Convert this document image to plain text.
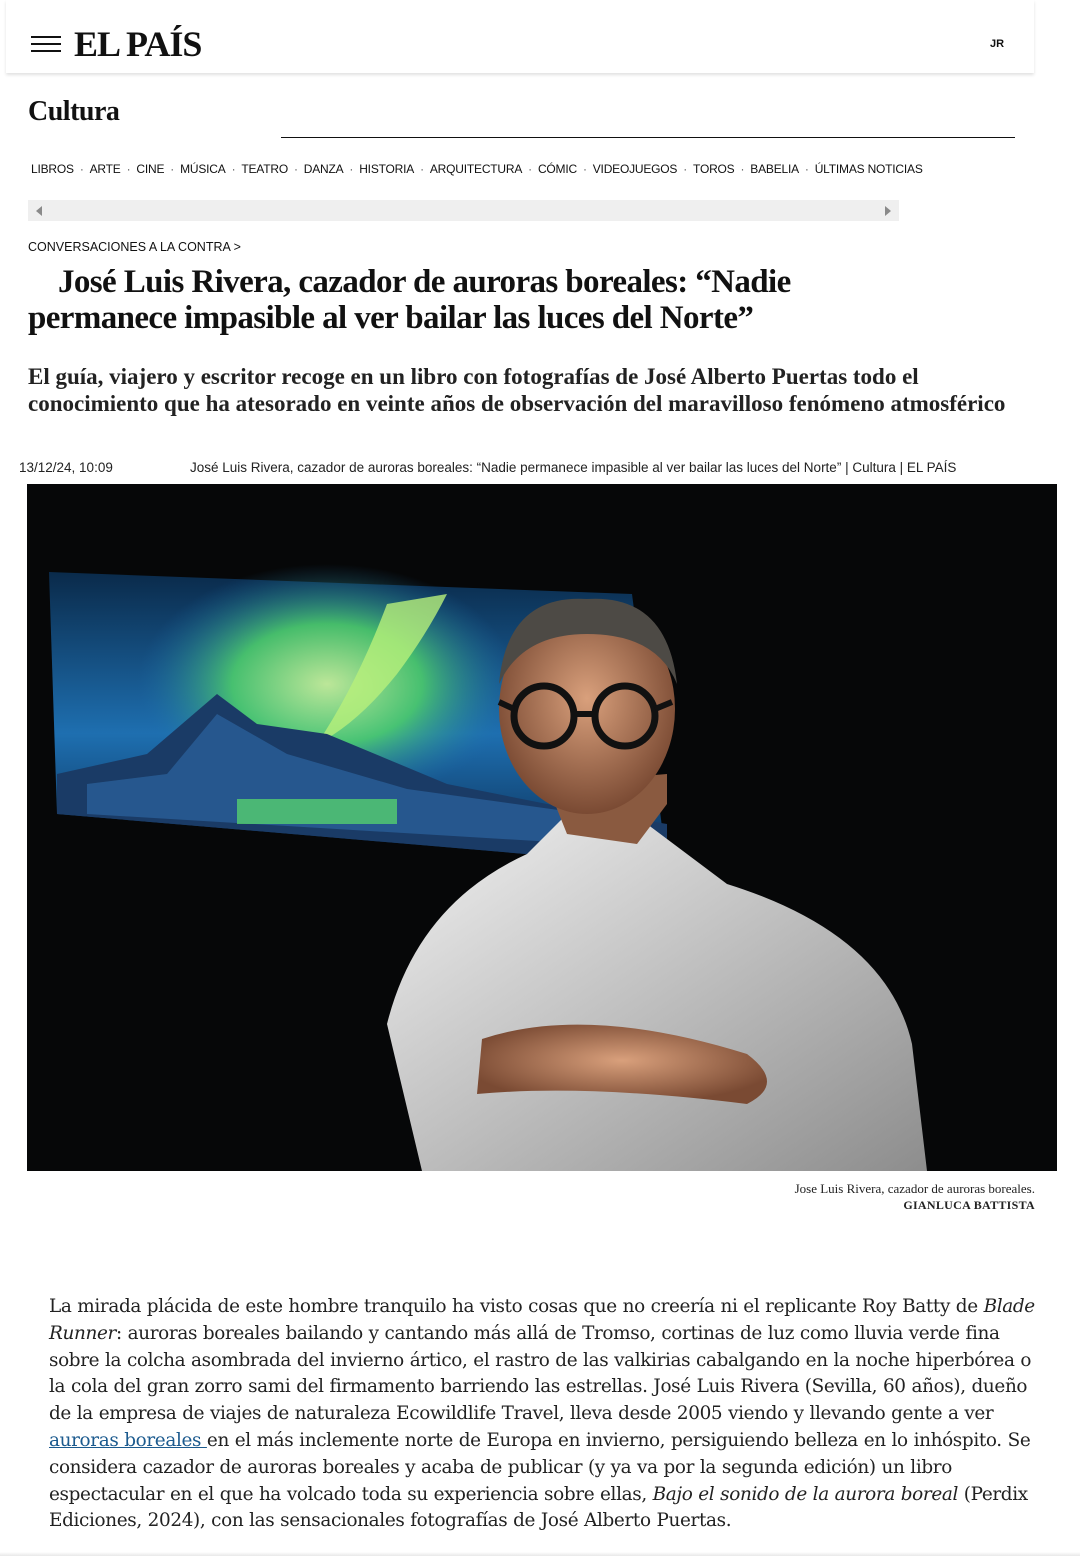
EL PAÍS	JR
Cultura
LIBROS · ARTE · CINE · MÚSICA · TEATRO · DANZA · HISTORIA · ARQUITECTURA · CÓMIC · VIDEOJUEGOS · TOROS · BABELIA · ÚLTIMAS NOTICIAS
CONVERSACIONES A LA CONTRA >
José Luis Rivera, cazador de auroras boreales: “Nadie permanece impasible al ver bailar las luces del Norte”
El guía, viajero y escritor recoge en un libro con fotografías de José Alberto Puertas todo el conocimiento que ha atesorado en veinte años de observación del maravilloso fenómeno atmosférico
13/12/24, 10:09	José Luis Rivera, cazador de auroras boreales: “Nadie permanece impasible al ver bailar las luces del Norte” | Cultura | EL PAÍS
Jose Luis Rivera, cazador de auroras boreales.
GIANLUCA BATTISTA

La mirada plácida de este hombre tranquilo ha visto cosas que no creería ni el replicante Roy Batty de Blade Runner: auroras boreales bailando y cantando más allá de Tromso, cortinas de luz como lluvia verde fina sobre la colcha asombrada del invierno ártico, el rastro de las valkirias cabalgando en la noche hiperbórea o la cola del gran zorro sami del firmamento barriendo las estrellas. José Luis Rivera (Sevilla, 60 años), dueño de la empresa de viajes de naturaleza Ecowildlife Travel, lleva desde 2005 viendo y llevando gente a ver auroras boreales en el más inclemente norte de Europa en invierno, persiguiendo belleza en lo inhóspito. Se considera cazador de auroras boreales y acaba de publicar (y ya va por la segunda edición) un libro espectacular en el que ha volcado toda su experiencia sobre ellas, Bajo el sonido de la aurora boreal (Perdix Ediciones, 2024), con las sensacionales fotografías de José Alberto Puertas.
